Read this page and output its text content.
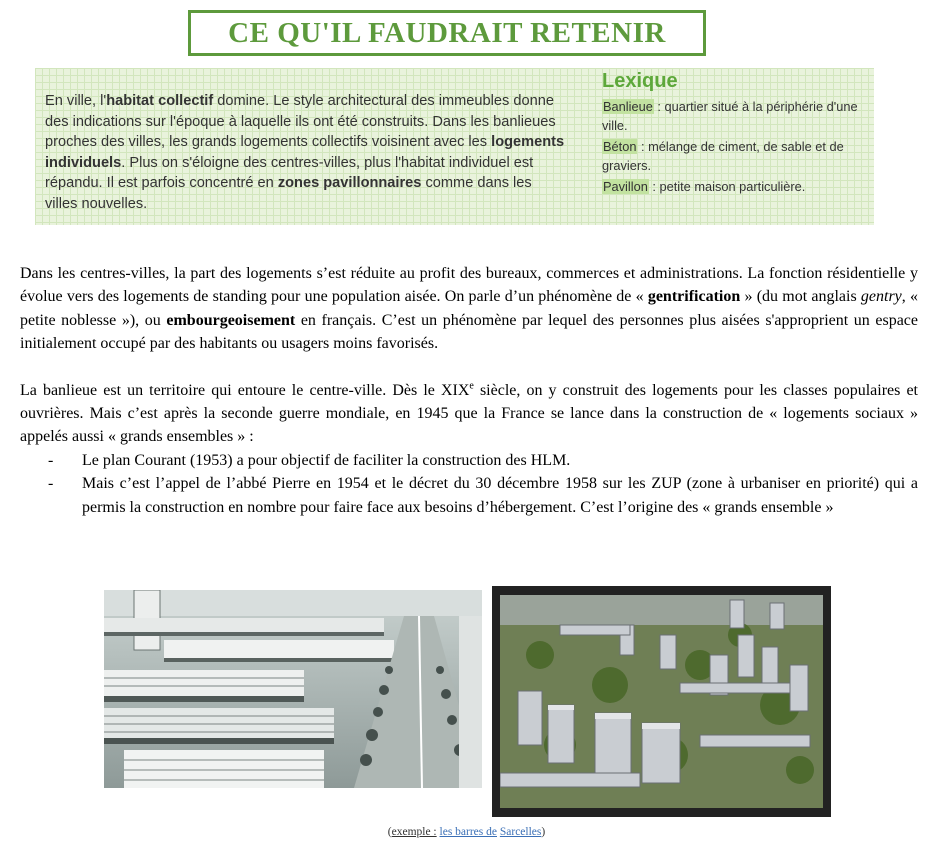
CE QU'IL FAUDRAIT RETENIR
En ville, l'habitat collectif domine. Le style architectural des immeubles donne des indications sur l'époque à laquelle ils ont été construits. Dans les banlieues proches des villes, les grands logements collectifs voisinent avec les logements individuels. Plus on s'éloigne des centres-villes, plus l'habitat individuel est répandu. Il est parfois concentré en zones pavillonnaires comme dans les villes nouvelles.
Lexique

Banlieue : quartier situé à la périphérie d'une ville.

Béton : mélange de ciment, de sable et de graviers.

Pavillon : petite maison particulière.

Dans les centres-villes, la part des logements s’est réduite au profit des bureaux, commerces et administrations. La fonction résidentielle y évolue vers des logements de standing pour une population aisée. On parle d’un phénomène de « gentrification » (du mot anglais gentry, « petite noblesse »), ou embourgeoisement en français. C’est un phénomène par lequel des personnes plus aisées s'approprient un espace initialement occupé par des habitants ou usagers moins favorisés.

La banlieue est un territoire qui entoure le centre-ville. Dès le XIXe siècle, on y construit des logements pour les classes populaires et ouvrières. Mais c’est après la seconde guerre mondiale, en 1945 que la France se lance dans la construction de « logements sociaux » appelés aussi « grands ensembles » :

- Le plan Courant (1953) a pour objectif de faciliter la construction des HLM.
- Mais c’est l’appel de l’abbé Pierre en 1954 et le décret du 30 décembre 1958 sur les ZUP (zone à urbaniser en priorité) qui a permis la construction en nombre pour faire face aux besoins d’hébergement. C’est l’origine des « grands ensemble »
(exemple : les barres de Sarcelles)
